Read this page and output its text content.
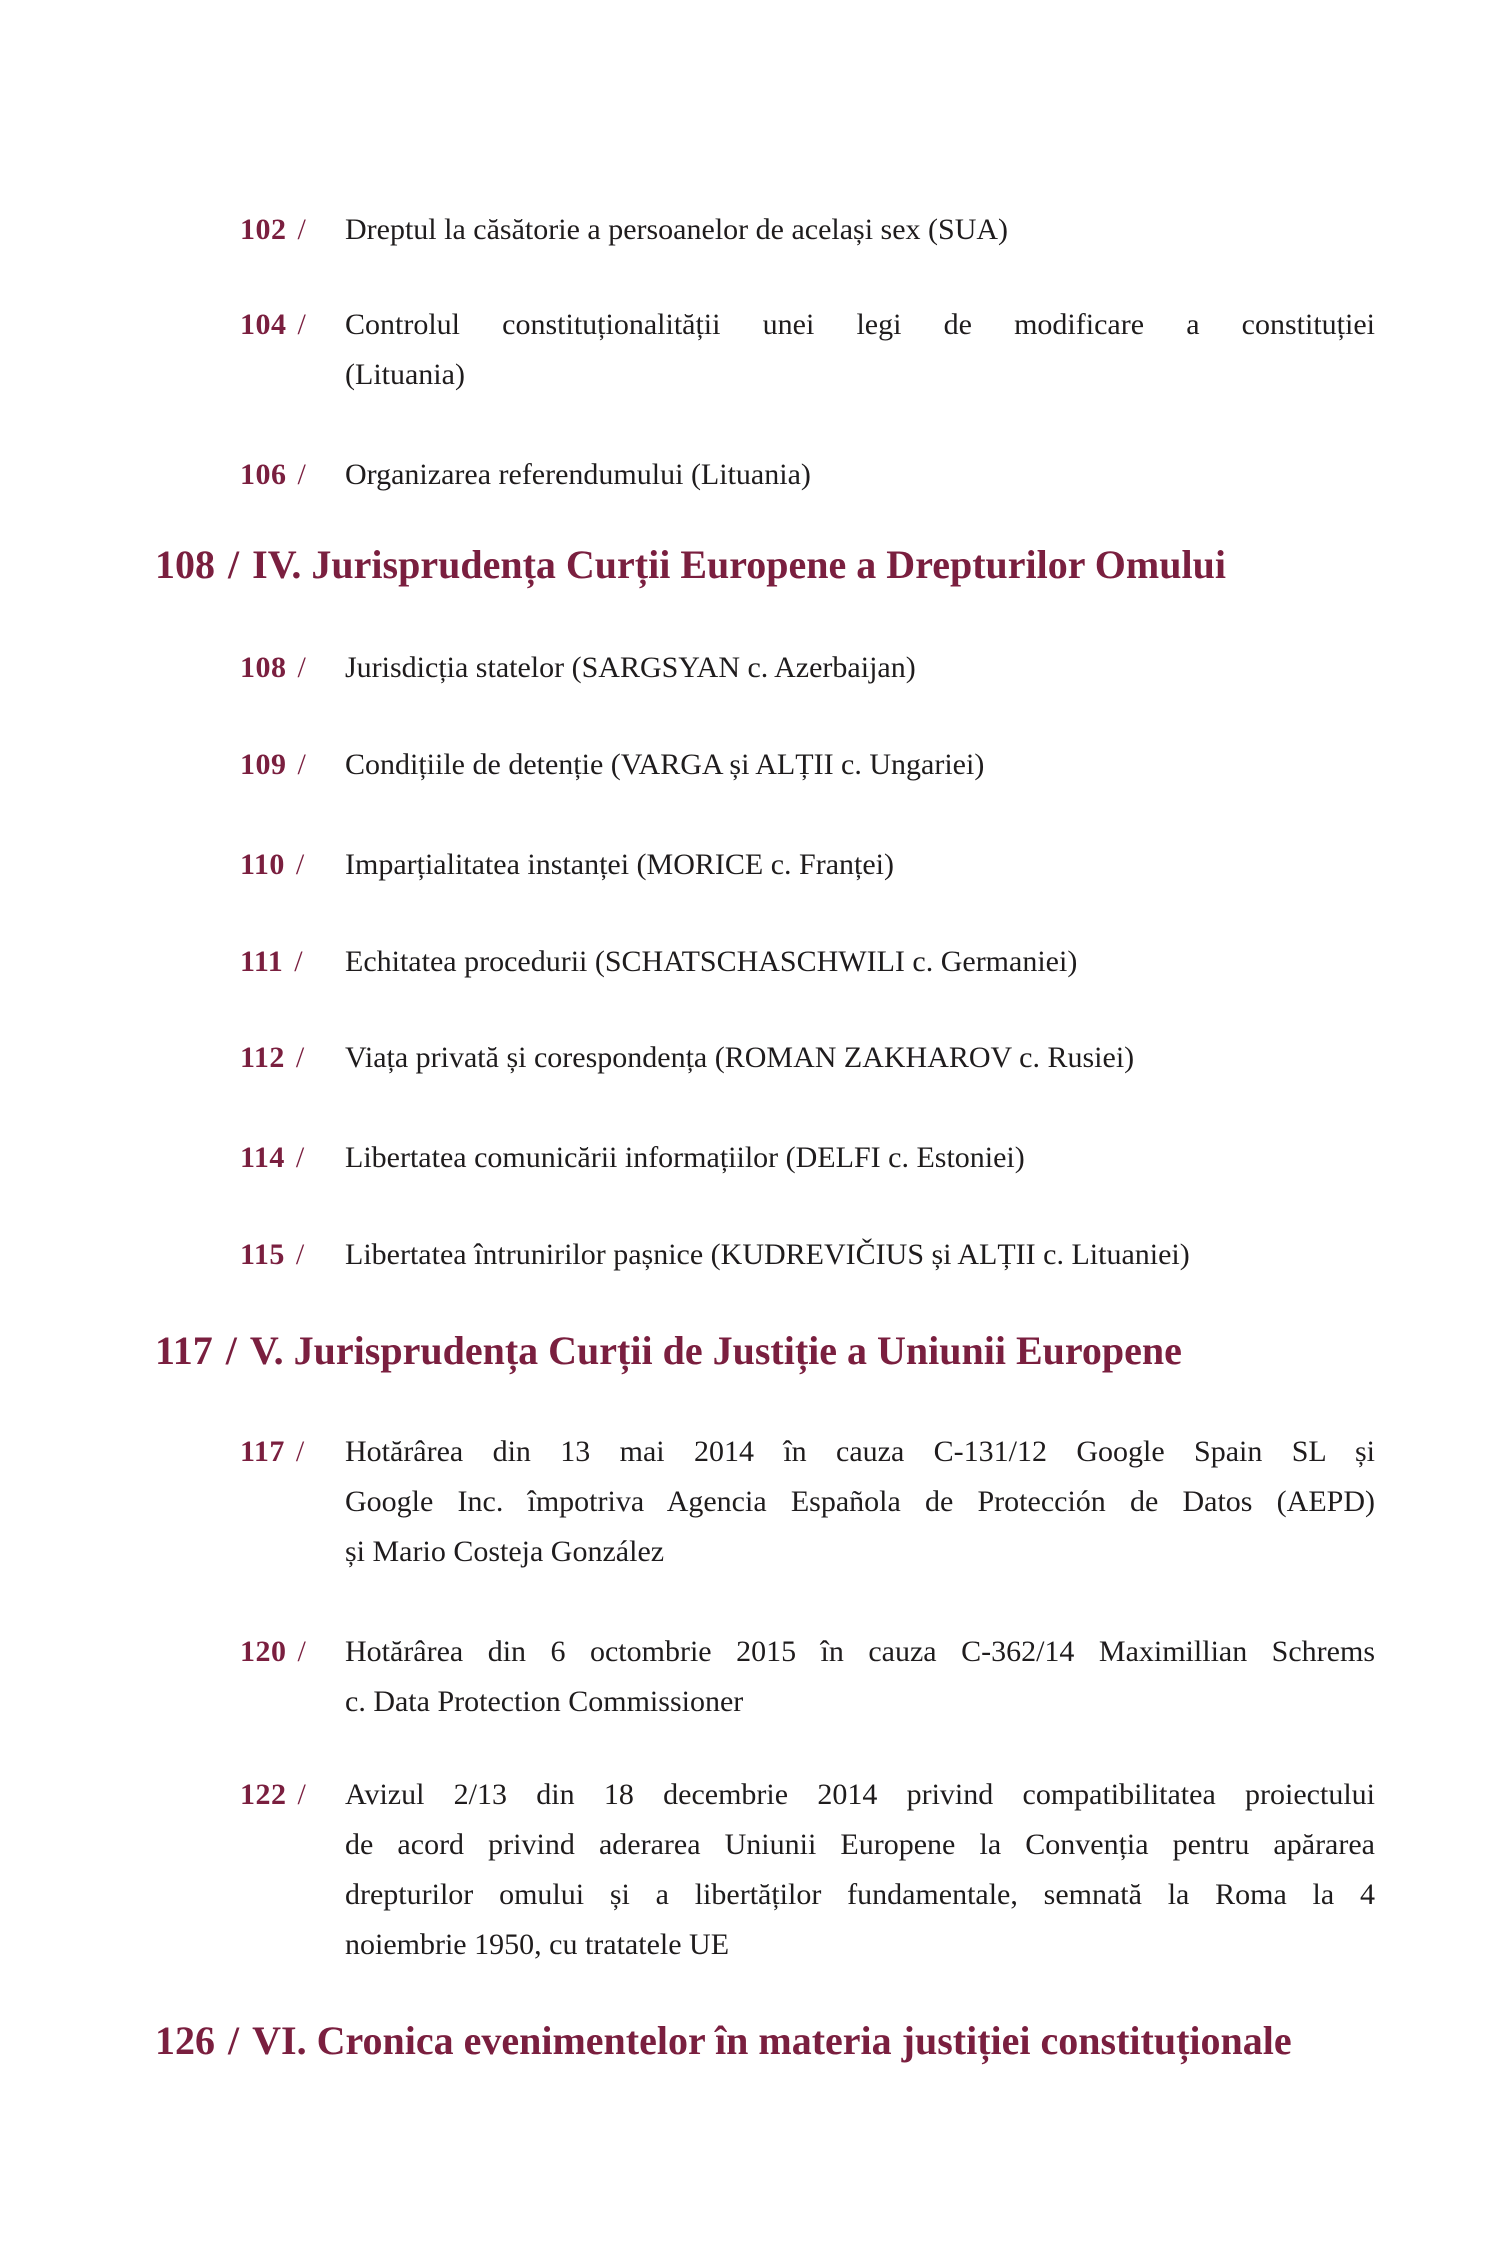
102 / Dreptul la căsătorie a persoanelor de același sex (SUA)
104 / Controlul constituționalității unei legi de modificare a constituției
(Lituania)
106 / Organizarea referendumului (Lituania)
108 / IV. Jurisprudența Curții Europene a Drepturilor Omului
108 / Jurisdicția statelor (SARGSYAN c. Azerbaijan)
109 / Condițiile de detenție (VARGA și ALȚII c. Ungariei)
110 / Imparțialitatea instanței (MORICE c. Franței)
111 / Echitatea procedurii (SCHATSCHASCHWILI c. Germaniei)
112 / Viața privată și corespondența (ROMAN ZAKHAROV c. Rusiei)
114 / Libertatea comunicării informațiilor (DELFI c. Estoniei)
115 / Libertatea întrunirilor pașnice (KUDREVIČIUS și ALȚII c. Lituaniei)
117 / V. Jurisprudența Curții de Justiție a Uniunii Europene
117 / Hotărârea din 13 mai 2014 în cauza C-131/12 Google Spain SL și
Google Inc. împotriva Agencia Española de Protección de Datos (AEPD)
și Mario Costeja González
120 / Hotărârea din 6 octombrie 2015 în cauza C-362/14 Maximillian Schrems
c. Data Protection Commissioner
122 / Avizul 2/13 din 18 decembrie 2014 privind compatibilitatea proiectului
de acord privind aderarea Uniunii Europene la Convenția pentru apărarea
drepturilor omului și a libertăților fundamentale, semnată la Roma la 4
noiembrie 1950, cu tratatele UE
126 / VI. Cronica evenimentelor în materia justiției constituționale
